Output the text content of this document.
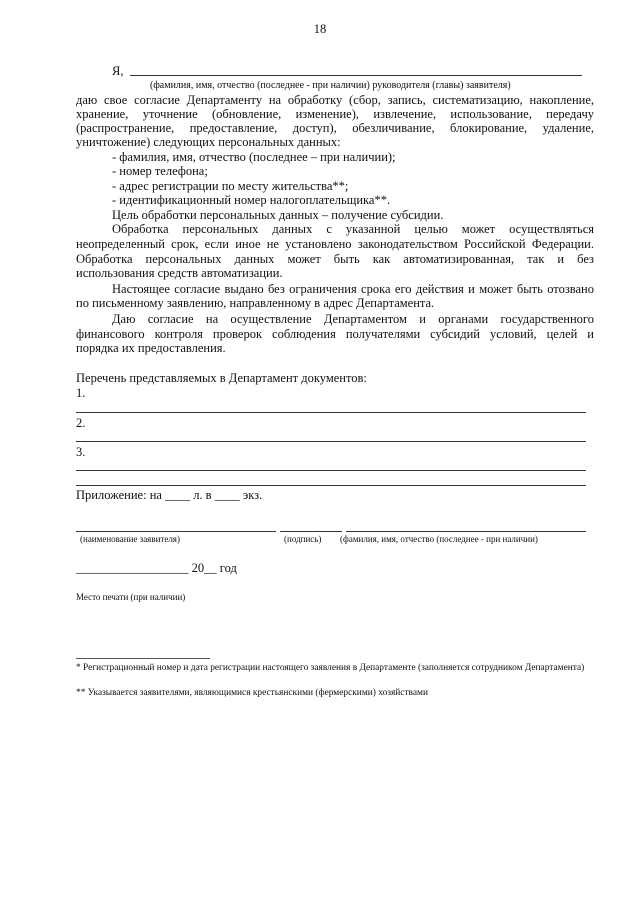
18
Я,
(фамилия, имя, отчество (последнее - при наличии) руководителя (главы) заявителя)
даю свое согласие Департаменту на обработку (сбор, запись, систематизацию, накопление,
хранение, уточнение (обновление, изменение), извлечение, использование, передачу
(распространение, предоставление, доступ), обезличивание, блокирование, удаление,
уничтожение) следующих персональных данных:
- фамилия, имя, отчество (последнее – при наличии);
- номер телефона;
- адрес регистрации по месту жительства**;
- идентификационный номер налогоплательщика**.
Цель обработки персональных данных – получение субсидии.
Обработка персональных данных с указанной целью может осуществляться
неопределенный срок, если иное не установлено законодательством Российской Федерации.
Обработка персональных данных может быть как автоматизированная, так и без
использования средств автоматизации.
Настоящее согласие выдано без ограничения срока его действия и может быть отозвано
по письменному заявлению, направленному в адрес Департамента.
Даю согласие на осуществление Департаментом и органами государственного
финансового контроля проверок соблюдения получателями субсидий условий, целей и
порядка их предоставления.
Перечень представляемых в Департамент документов:
1.
2.
3.
Приложение: на ____ л. в ____ экз.
(наименование заявителя)	(подпись) (фамилия, имя, отчество (последнее - при наличии)
__________________ 20__ год
Место печати (при наличии)
* Регистрационный номер и дата регистрации настоящего заявления в Департаменте (заполняется сотрудником Департамента)
** Указывается заявителями, являющимися крестьянскими (фермерскими) хозяйствами
